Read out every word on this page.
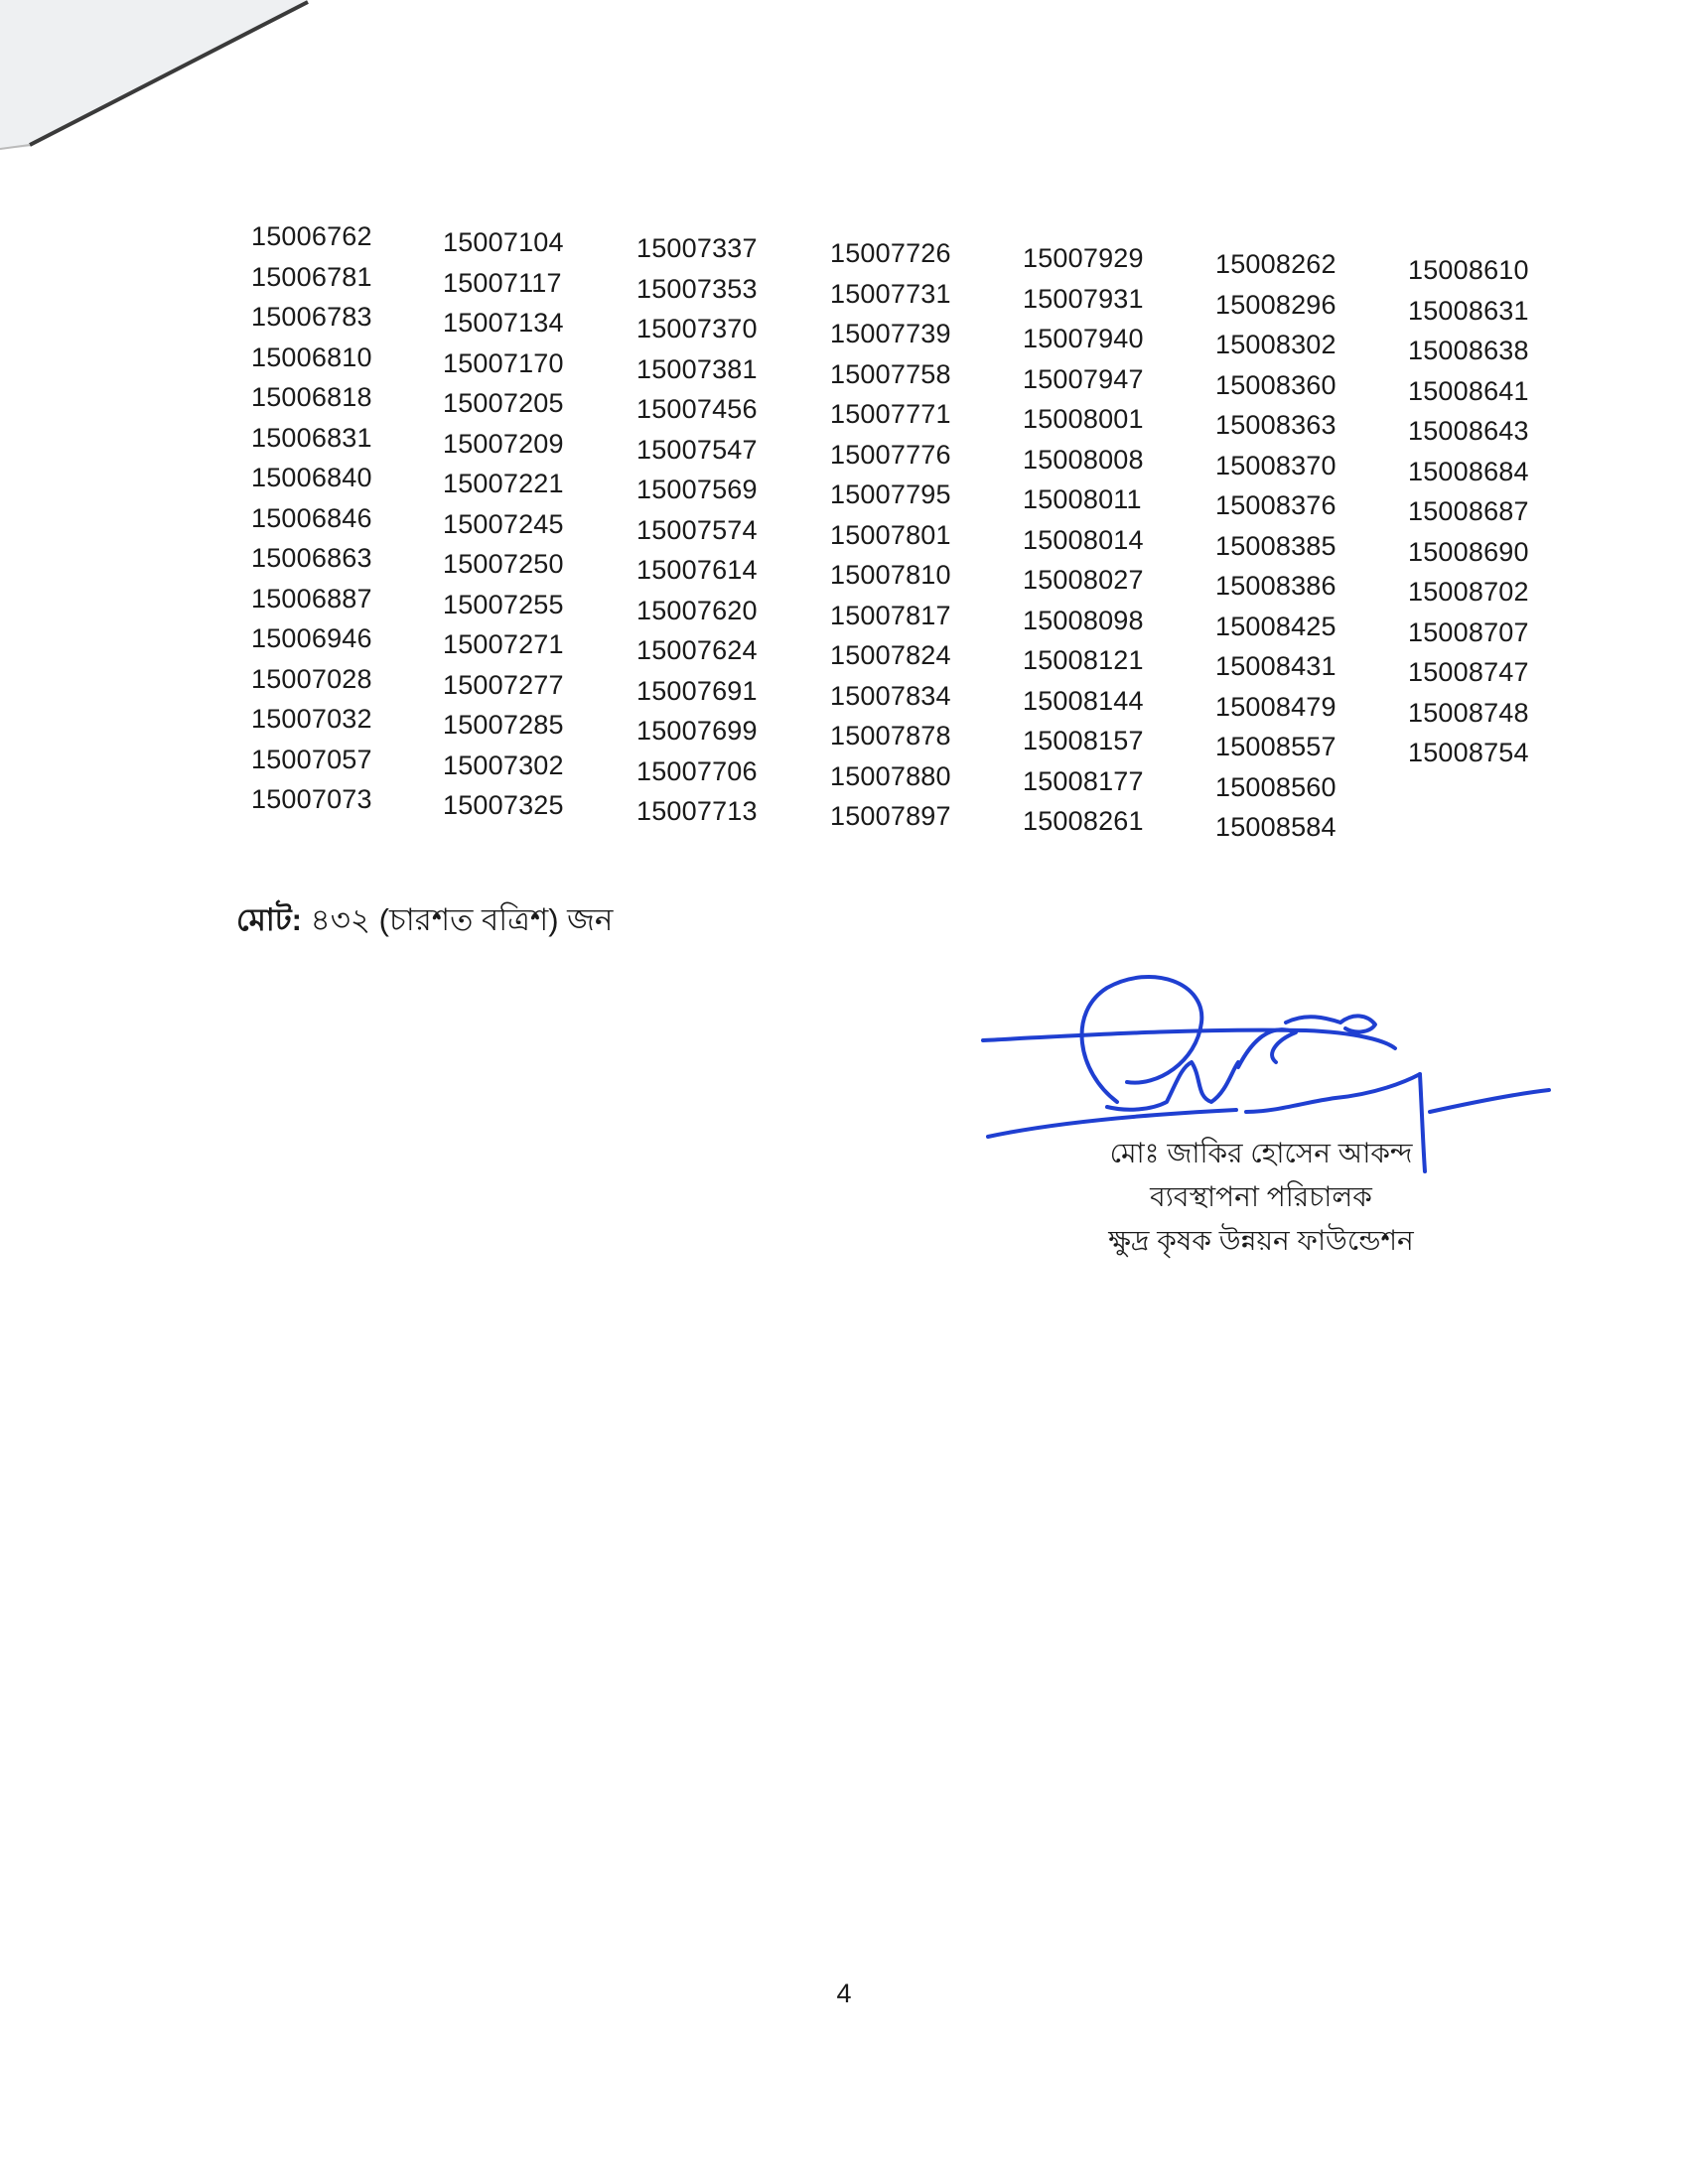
15006762
15006781
15006783
15006810
15006818
15006831
15006840
15006846
15006863
15006887
15006946
15007028
15007032
15007057
15007073
15007104
15007117
15007134
15007170
15007205
15007209
15007221
15007245
15007250
15007255
15007271
15007277
15007285
15007302
15007325
15007337
15007353
15007370
15007381
15007456
15007547
15007569
15007574
15007614
15007620
15007624
15007691
15007699
15007706
15007713
15007726
15007731
15007739
15007758
15007771
15007776
15007795
15007801
15007810
15007817
15007824
15007834
15007878
15007880
15007897
15007929
15007931
15007940
15007947
15008001
15008008
15008011
15008014
15008027
15008098
15008121
15008144
15008157
15008177
15008261
15008262
15008296
15008302
15008360
15008363
15008370
15008376
15008385
15008386
15008425
15008431
15008479
15008557
15008560
15008584
15008610
15008631
15008638
15008641
15008643
15008684
15008687
15008690
15008702
15008707
15008747
15008748
15008754
মোট: ৪৩২ (চারশত বত্রিশ) জন
মোঃ জাকির হোসেন আকন্দ
ব্যবস্থাপনা পরিচালক
ক্ষুদ্র কৃষক উন্নয়ন ফাউন্ডেশন
4
